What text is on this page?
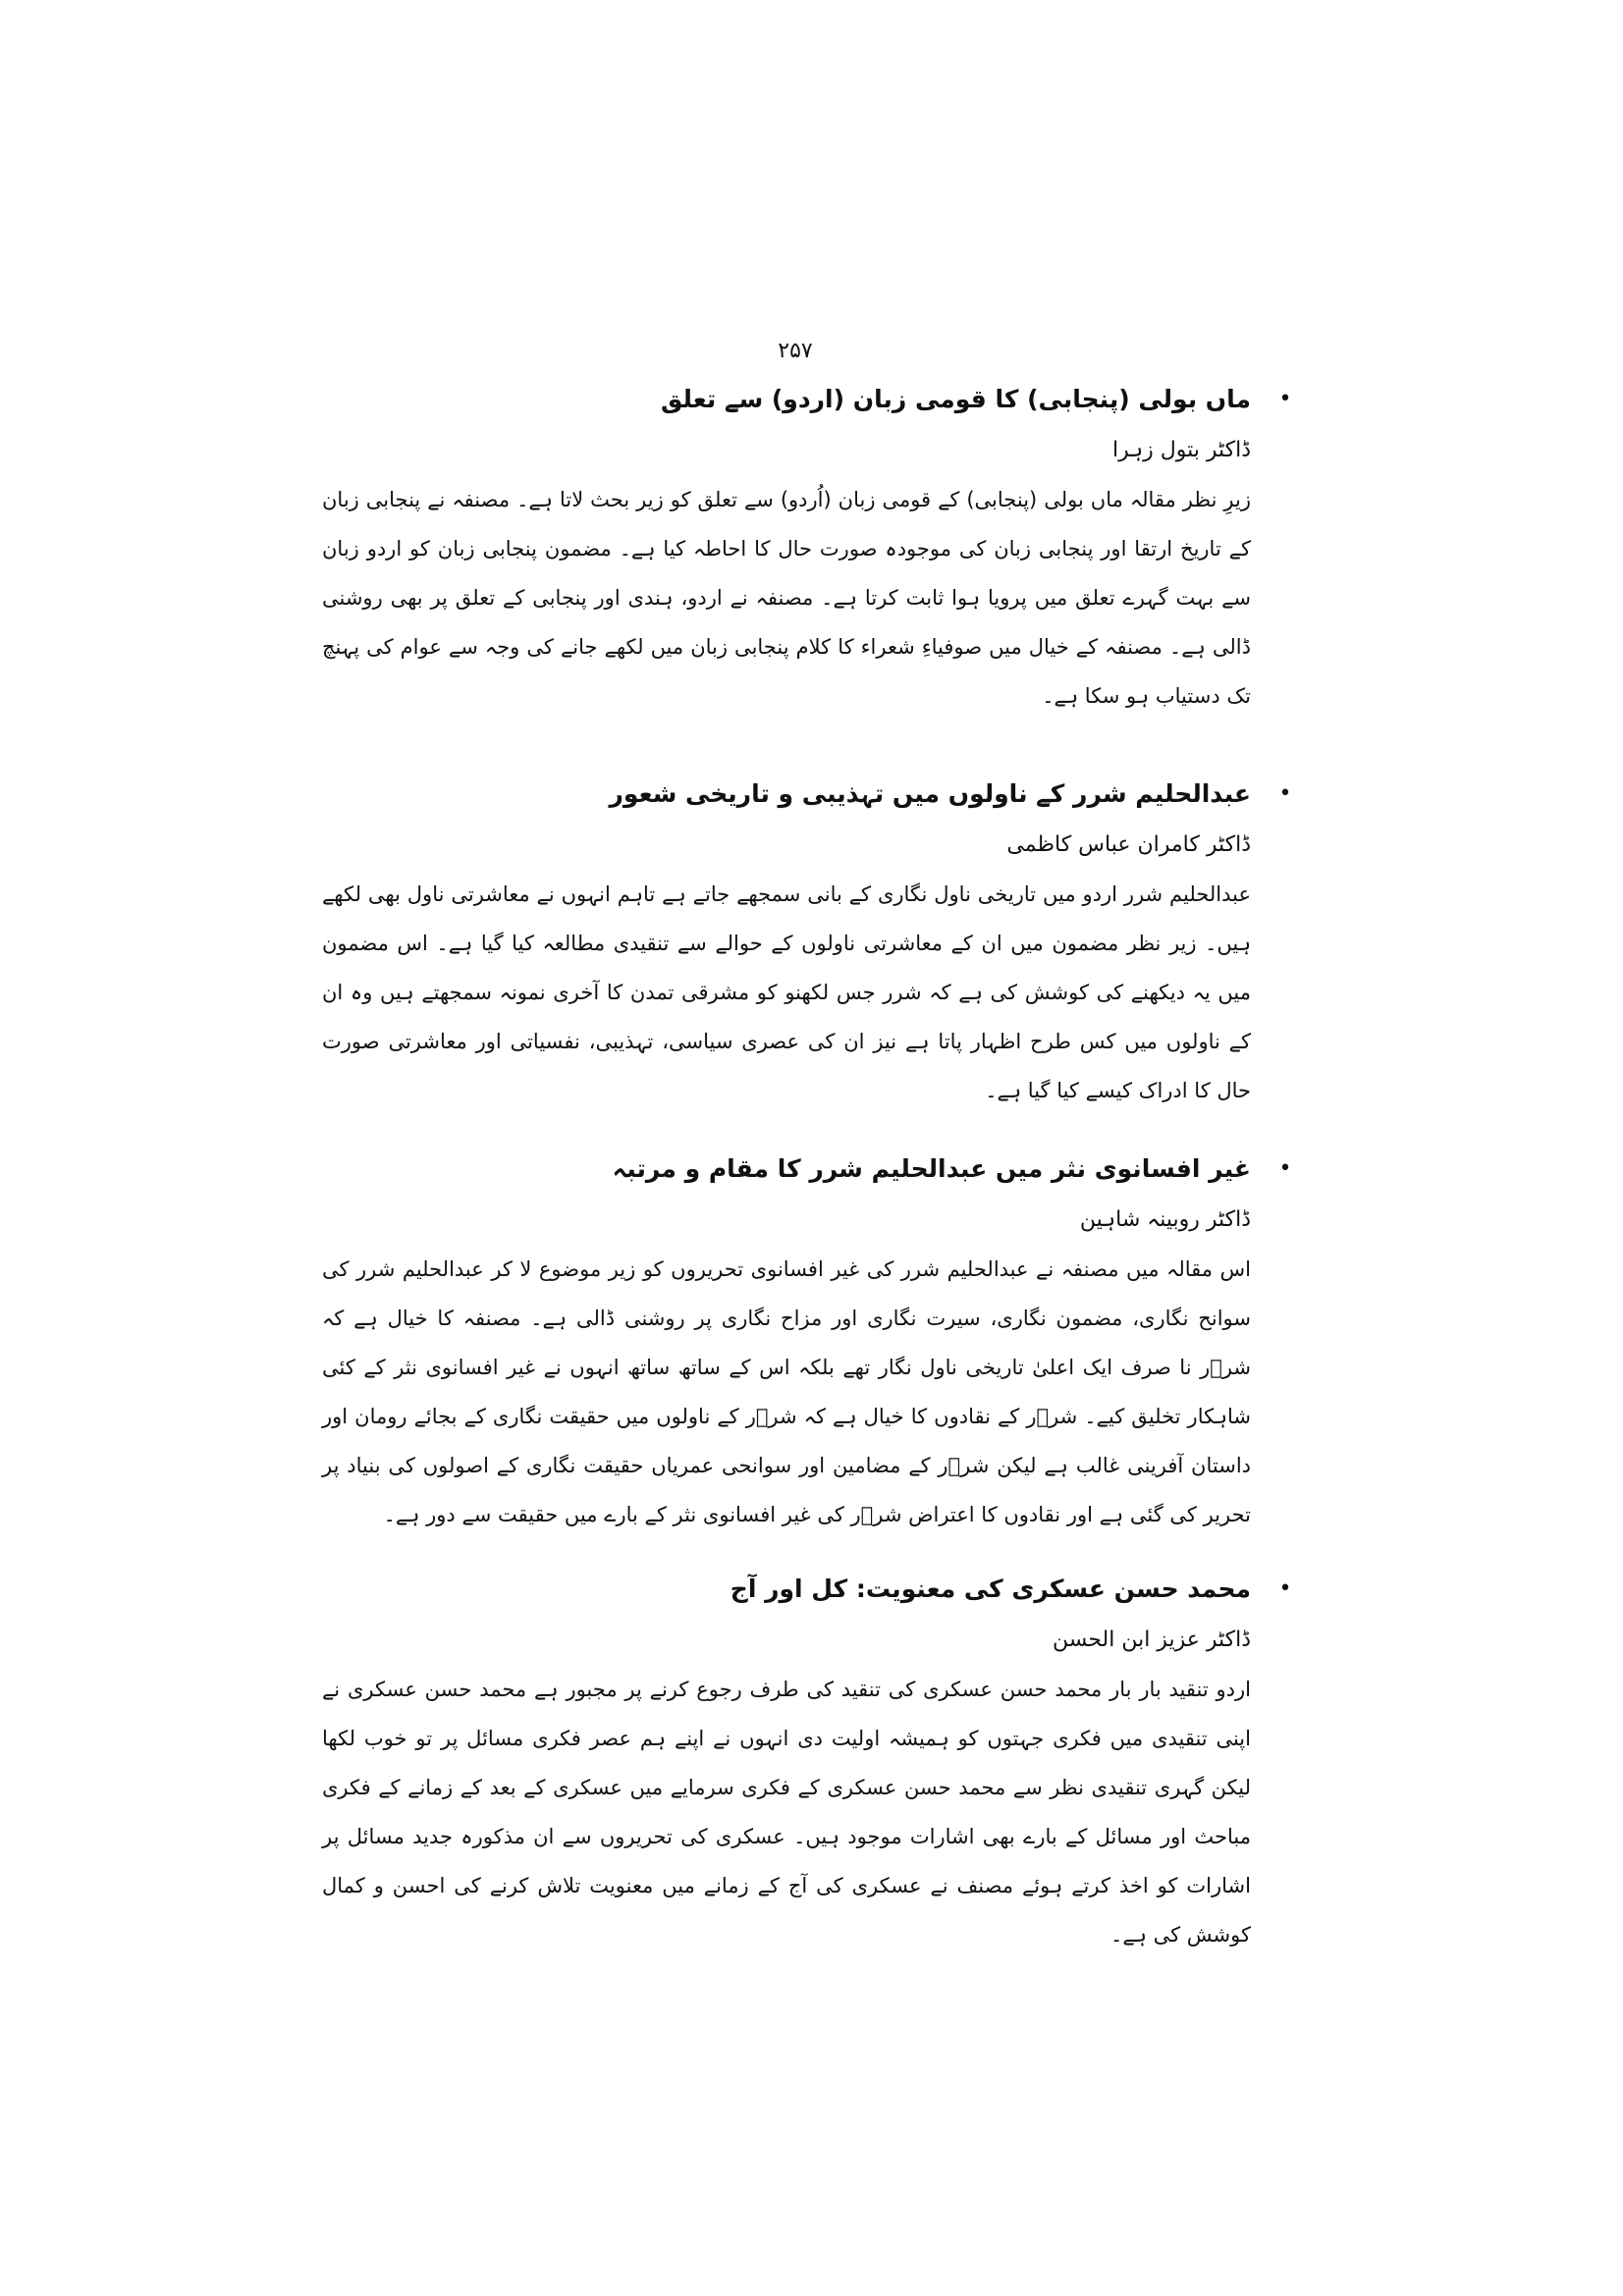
۲۵۷
•
ماں بولی (پنجابی) کا قومی زبان (اردو) سے تعلق
ڈاکٹر بتول زہرا
زیرِ نظر مقالہ ماں بولی (پنجابی) کے قومی زبان (اُردو) سے تعلق کو زیر بحث لاتا ہے۔ مصنفہ نے پنجابی زبان کے تاریخ ارتقا اور پنجابی زبان کی موجودہ صورت حال کا احاطہ کیا ہے۔ مضمون پنجابی زبان کو اردو زبان سے بہت گہرے تعلق میں پرویا ہوا ثابت کرتا ہے۔ مصنفہ نے اردو، ہندی اور پنجابی کے تعلق پر بھی روشنی ڈالی ہے۔ مصنفہ کے خیال میں صوفیاءِ شعراء کا کلام پنجابی زبان میں لکھے جانے کی وجہ سے عوام کی پہنچ تک دستیاب ہو سکا ہے۔
•
عبدالحلیم شرر کے ناولوں میں تہذیبی و تاریخی شعور
ڈاکٹر کامران عباس کاظمی
عبدالحلیم شرر اردو میں تاریخی ناول نگاری کے بانی سمجھے جاتے ہے تاہم انہوں نے معاشرتی ناول بھی لکھے ہیں۔ زیر نظر مضمون میں ان کے معاشرتی ناولوں کے حوالے سے تنقیدی مطالعہ کیا گیا ہے۔ اس مضمون میں یہ دیکھنے کی کوشش کی ہے کہ شرر جس لکھنو کو مشرقی تمدن کا آخری نمونہ سمجھتے ہیں وہ ان کے ناولوں میں کس طرح اظہار پاتا ہے نیز ان کی عصری سیاسی، تہذیبی، نفسیاتی اور معاشرتی صورت حال کا ادراک کیسے کیا گیا ہے۔
•
غیر افسانوی نثر میں عبدالحلیم شرر کا مقام و مرتبہ
ڈاکٹر روبینہ شاہین
اس مقالہ میں مصنفہ نے عبدالحلیم شرر کی غیر افسانوی تحریروں کو زیر موضوع لا کر عبدالحلیم شرر کی سوانح نگاری، مضمون نگاری، سیرت نگاری اور مزاح نگاری پر روشنی ڈالی ہے۔ مصنفہ کا خیال ہے کہ شرؔر نا صرف ایک اعلیٰ تاریخی ناول نگار تھے بلکہ اس کے ساتھ ساتھ انہوں نے غیر افسانوی نثر کے کئی شاہکار تخلیق کیے۔ شرؔر کے نقادوں کا خیال ہے کہ شرؔر کے ناولوں میں حقیقت نگاری کے بجائے رومان اور داستان آفرینی غالب ہے لیکن شرؔر کے مضامین اور سوانحی عمریاں حقیقت نگاری کے اصولوں کی بنیاد پر تحریر کی گئی ہے اور نقادوں کا اعتراض شرؔر کی غیر افسانوی نثر کے بارے میں حقیقت سے دور ہے۔
•
محمد حسن عسکری کی معنویت: کل اور آج
ڈاکٹر عزیز ابن الحسن
اردو تنقید بار بار محمد حسن عسکری کی تنقید کی طرف رجوع کرنے پر مجبور ہے محمد حسن عسکری نے اپنی تنقیدی میں فکری جہتوں کو ہمیشہ اولیت دی انہوں نے اپنے ہم عصر فکری مسائل پر تو خوب لکھا لیکن گہری تنقیدی نظر سے محمد حسن عسکری کے فکری سرمایے میں عسکری کے بعد کے زمانے کے فکری مباحث اور مسائل کے بارے بھی اشارات موجود ہیں۔ عسکری کی تحریروں سے ان مذکورہ جدید مسائل پر اشارات کو اخذ کرتے ہوئے مصنف نے عسکری کی آج کے زمانے میں معنویت تلاش کرنے کی احسن و کمال کوشش کی ہے۔
